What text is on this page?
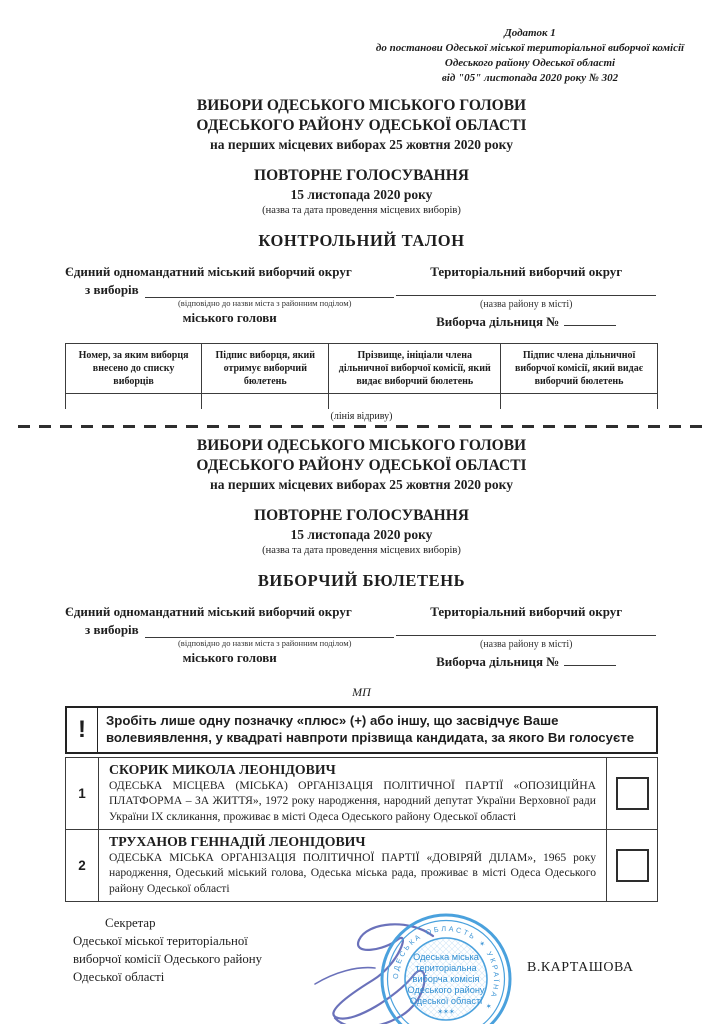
Додаток 1
до постанови Одеської міської територіальної виборчої комісії
Одеського району Одеської області
від "05" листопада 2020 року № 302
ВИБОРИ ОДЕСЬКОГО МІСЬКОГО ГОЛОВИ
ОДЕСЬКОГО РАЙОНУ ОДЕСЬКОЇ ОБЛАСТІ
на перших місцевих виборах 25 жовтня 2020 року
ПОВТОРНЕ ГОЛОСУВАННЯ
15 листопада 2020 року
(назва та дата проведення місцевих виборів)
КОНТРОЛЬНИЙ ТАЛОН
Єдиний одномандатний міський виборчий округ
з виборів
(відповідно до назви міста з районним поділом)
міського голови
Територіальний виборчий округ
(назва району в місті)
Виборча дільниця №
Номер, за яким виборця внесено до списку виборців	Підпис виборця, який отримує виборчий бюлетень	Прізвище, ініціали члена дільничної виборчої комісії, який видає виборчий бюлетень	Підпис члена дільничної виборчої комісії, який видає виборчий бюлетень

(лінія відриву)
ВИБОРИ ОДЕСЬКОГО МІСЬКОГО ГОЛОВИ
ОДЕСЬКОГО РАЙОНУ ОДЕСЬКОЇ ОБЛАСТІ
на перших місцевих виборах 25 жовтня 2020 року
ПОВТОРНЕ ГОЛОСУВАННЯ
15 листопада 2020 року
(назва та дата проведення місцевих виборів)
ВИБОРЧИЙ БЮЛЕТЕНЬ
Єдиний одномандатний міський виборчий округ
з виборів
(відповідно до назви міста з районним поділом)
міського голови
Територіальний виборчий округ
(назва району в місті)
Виборча дільниця №
МП
!	Зробіть лише одну позначку «плюс» (+) або іншу, що засвідчує Ваше волевиявлення, у квадраті навпроти прізвища кандидата, за якого Ви голосуєте
1	СКОРИК МИКОЛА ЛЕОНІДОВИЧ
ОДЕСЬКА МІСЦЕВА (МІСЬКА) ОРГАНІЗАЦІЯ ПОЛІТИЧНОЇ ПАРТІЇ «ОПОЗИЦІЙНА ПЛАТФОРМА – ЗА ЖИТТЯ», 1972 року народження, народний депутат України Верховної ради України IX скликання, проживає в місті Одеса Одеського району Одеської області	

2	ТРУХАНОВ ГЕННАДІЙ ЛЕОНІДОВИЧ
ОДЕСЬКА МІСЬКА ОРГАНІЗАЦІЯ ПОЛІТИЧНОЇ ПАРТІЇ «ДОВІРЯЙ ДІЛАМ», 1965 року народження, Одеський міський голова, Одеська міська рада, проживає в місті Одеса Одеського району Одеської області	

Секретар
Одеської міської територіальної
виборчої комісії Одеського району
Одеської області	ОДЕСЬКА ОБЛАСТЬ ✶ УКРАЇНА ✶
Одеська міська
територіальна
виборча комісія
Одеського району
Одеської області
✶✶✶
В.КАРТАШОВА
